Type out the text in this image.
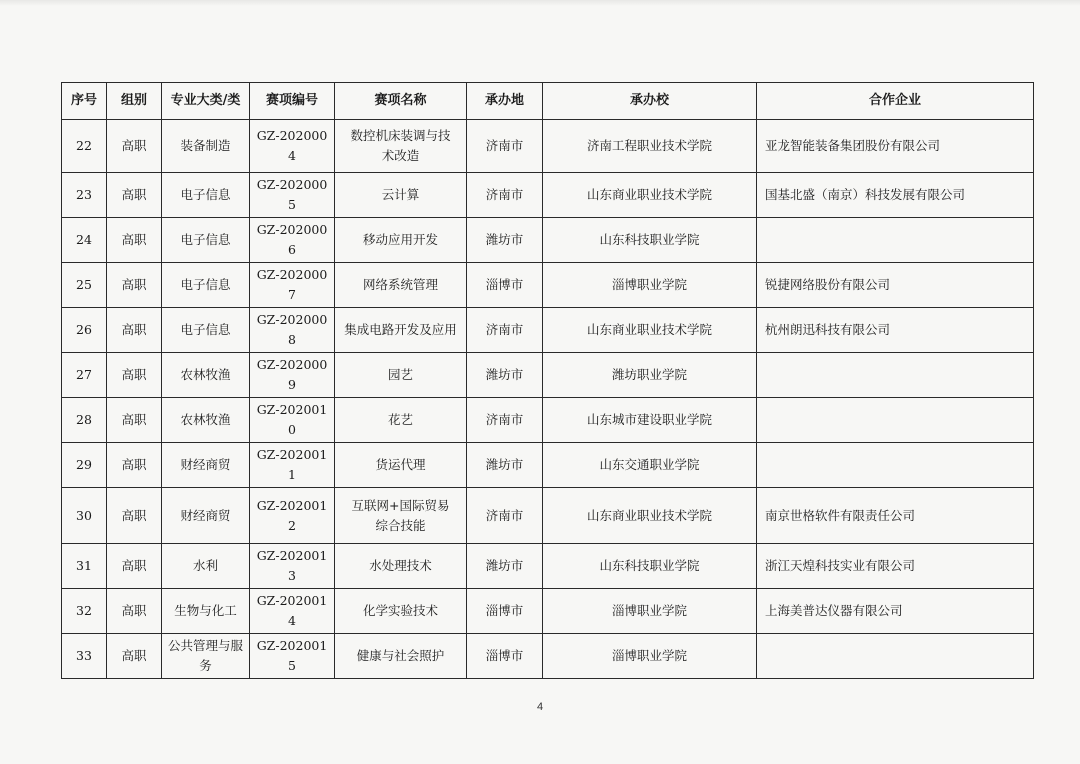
序号	组别	专业大类/类	赛项编号	赛项名称	承办地	承办校	合作企业
22	高职	装备制造	GZ-2020004	数控机床装调与技术改造	济南市	济南工程职业技术学院	亚龙智能装备集团股份有限公司
23	高职	电子信息	GZ-2020005	云计算	济南市	山东商业职业技术学院	国基北盛（南京）科技发展有限公司
24	高职	电子信息	GZ-2020006	移动应用开发	潍坊市	山东科技职业学院	
25	高职	电子信息	GZ-2020007	网络系统管理	淄博市	淄博职业学院	锐捷网络股份有限公司
26	高职	电子信息	GZ-2020008	集成电路开发及应用	济南市	山东商业职业技术学院	杭州朗迅科技有限公司
27	高职	农林牧渔	GZ-2020009	园艺	潍坊市	潍坊职业学院	
28	高职	农林牧渔	GZ-2020010	花艺	济南市	山东城市建设职业学院	
29	高职	财经商贸	GZ-2020011	货运代理	潍坊市	山东交通职业学院	
30	高职	财经商贸	GZ-2020012	互联网+国际贸易综合技能	济南市	山东商业职业技术学院	南京世格软件有限责任公司
31	高职	水利	GZ-2020013	水处理技术	潍坊市	山东科技职业学院	浙江天煌科技实业有限公司
32	高职	生物与化工	GZ-2020014	化学实验技术	淄博市	淄博职业学院	上海美普达仪器有限公司
33	高职	公共管理与服务	GZ-2020015	健康与社会照护	淄博市	淄博职业学院	
4
